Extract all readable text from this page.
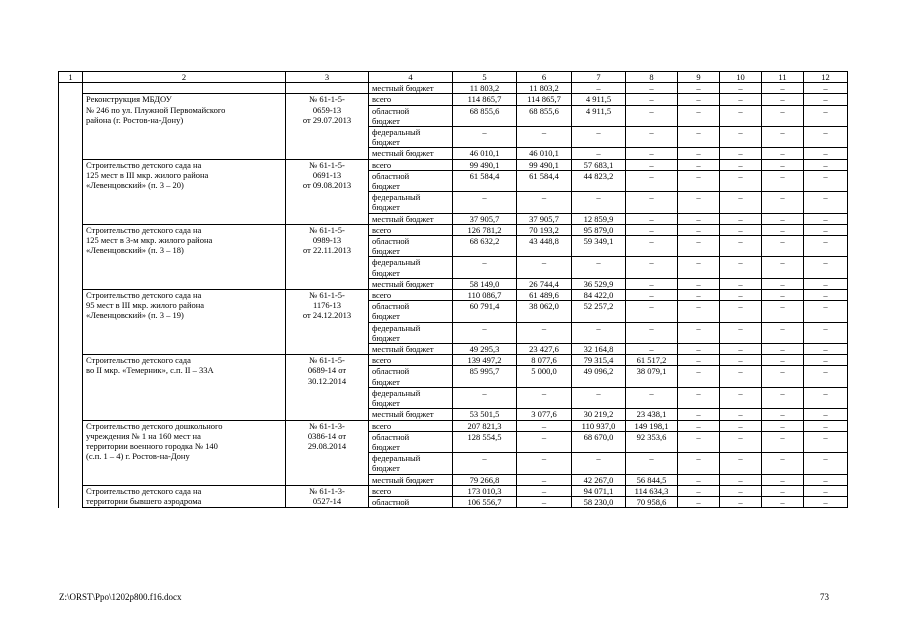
1	2	3	4	5	6	7	8	9	10	11	12
			местный бюджет	11 803,2	11 803,2	–	–	–	–	–	–
	Реконструкция МБДОУ
№ 246 по ул. Плужной Первомайского
района (г. Ростов-на-Дону)	№ 61-1-5-
0659-13
от 29.07.2013	всего	114 865,7	114 865,7	4 911,5	–	–	–	–	–
			областной
бюджет	68 855,6	68 855,6	4 911,5	–	–	–	–	–
			федеральный
бюджет	–	–	–	–	–	–	–	–
			местный бюджет	46 010,1	46 010,1	–	–	–	–	–	–
	Строительство детского сада на
125 мест в III мкр. жилого района
«Левенцовский» (п. 3 – 20)	№ 61-1-5-
0691-13
от 09.08.2013	всего	99 490,1	99 490,1	57 683,1	–	–	–	–	–
			областной
бюджет	61 584,4	61 584,4	44 823,2	–	–	–	–	–
			федеральный
бюджет	–	–	–	–	–	–	–	–
			местный бюджет	37 905,7	37 905,7	12 859,9	–	–	–	–	–
	Строительство детского сада на
125 мест в 3-м мкр. жилого района
«Левенцовский» (п. 3 – 18)	№ 61-1-5-
0989-13
от 22.11.2013	всего	126 781,2	70 193,2	95 879,0	–	–	–	–	–
			областной
бюджет	68 632,2	43 448,8	59 349,1	–	–	–	–	–
			федеральный
бюджет	–	–	–	–	–	–	–	–
			местный бюджет	58 149,0	26 744,4	36 529,9	–	–	–	–	–
	Строительство детского сада на
95 мест в III мкр. жилого района
«Левенцовский» (п. 3 – 19)	№ 61-1-5-
1176-13
от 24.12.2013	всего	110 086,7	61 489,6	84 422,0	–	–	–	–	–
			областной
бюджет	60 791,4	38 062,0	52 257,2	–	–	–	–	–
			федеральный
бюджет	–	–	–	–	–	–	–	–
			местный бюджет	49 295,3	23 427,6	32 164,8	–	–	–	–	–
	Строительство детского сада
во II мкр. «Темерник», с.п. II – 33А	№ 61-1-5-
0689-14 от
30.12.2014	всего	139 497,2	8 077,6	79 315,4	61 517,2	–	–	–	–
			областной
бюджет	85 995,7	5 000,0	49 096,2	38 079,1	–	–	–	–
			федеральный
бюджет	–	–	–	–	–	–	–	–
			местный бюджет	53 501,5	3 077,6	30 219,2	23 438,1	–	–	–	–
	Строительство детского дошкольного
учреждения № 1 на 160 мест на
территории военного городка № 140
(с.п. 1 – 4) г. Ростов-на-Дону	№ 61-1-3-
0386-14 от
29.08.2014	всего	207 821,3	–	110 937,0	149 198,1	–	–	–	–
			областной
бюджет	128 554,5	–	68 670,0	92 353,6	–	–	–	–
			федеральный
бюджет	–	–	–	–	–	–	–	–
			местный бюджет	79 266,8	–	42 267,0	56 844,5	–	–	–	–
	Строительство детского сада на
территории бывшего аэродрома	№ 61-1-3-
0527-14	всего	173 010,3	–	94 071,1	114 634,3	–	–	–	–
			областной	106 556,7	–	58 230,0	70 958,6	–	–	–	–
Z:\ORST\Ppo\1202p800.f16.docx	73
